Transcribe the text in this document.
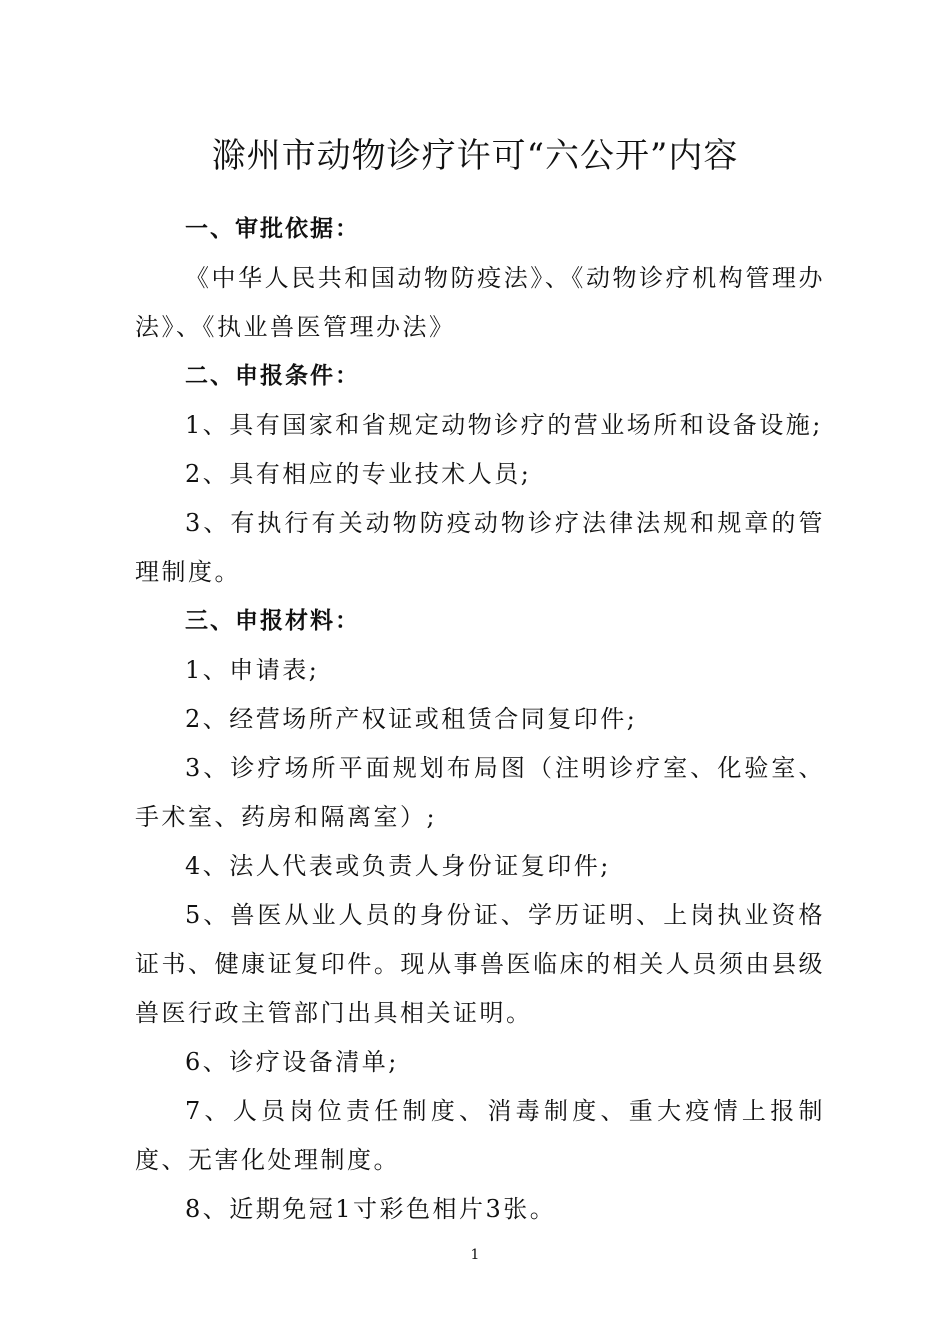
滁州市动物诊疗许可“六公开”内容

一、审批依据：

《中华人民共和国动物防疫法》、《动物诊疗机构管理办法》、《执业兽医管理办法》

二、申报条件：

1、具有国家和省规定动物诊疗的营业场所和设备设施;

2、具有相应的专业技术人员;

3、有执行有关动物防疫动物诊疗法律法规和规章的管理制度。

三、申报材料：

1、申请表;

2、经营场所产权证或租赁合同复印件;

3、诊疗场所平面规划布局图（注明诊疗室、化验室、手术室、药房和隔离室）;

4、法人代表或负责人身份证复印件;

5、兽医从业人员的身份证、学历证明、上岗执业资格证书、健康证复印件。现从事兽医临床的相关人员须由县级兽医行政主管部门出具相关证明。

6、诊疗设备清单;

7、人员岗位责任制度、消毒制度、重大疫情上报制度、无害化处理制度。

8、近期免冠1寸彩色相片3张。

1
